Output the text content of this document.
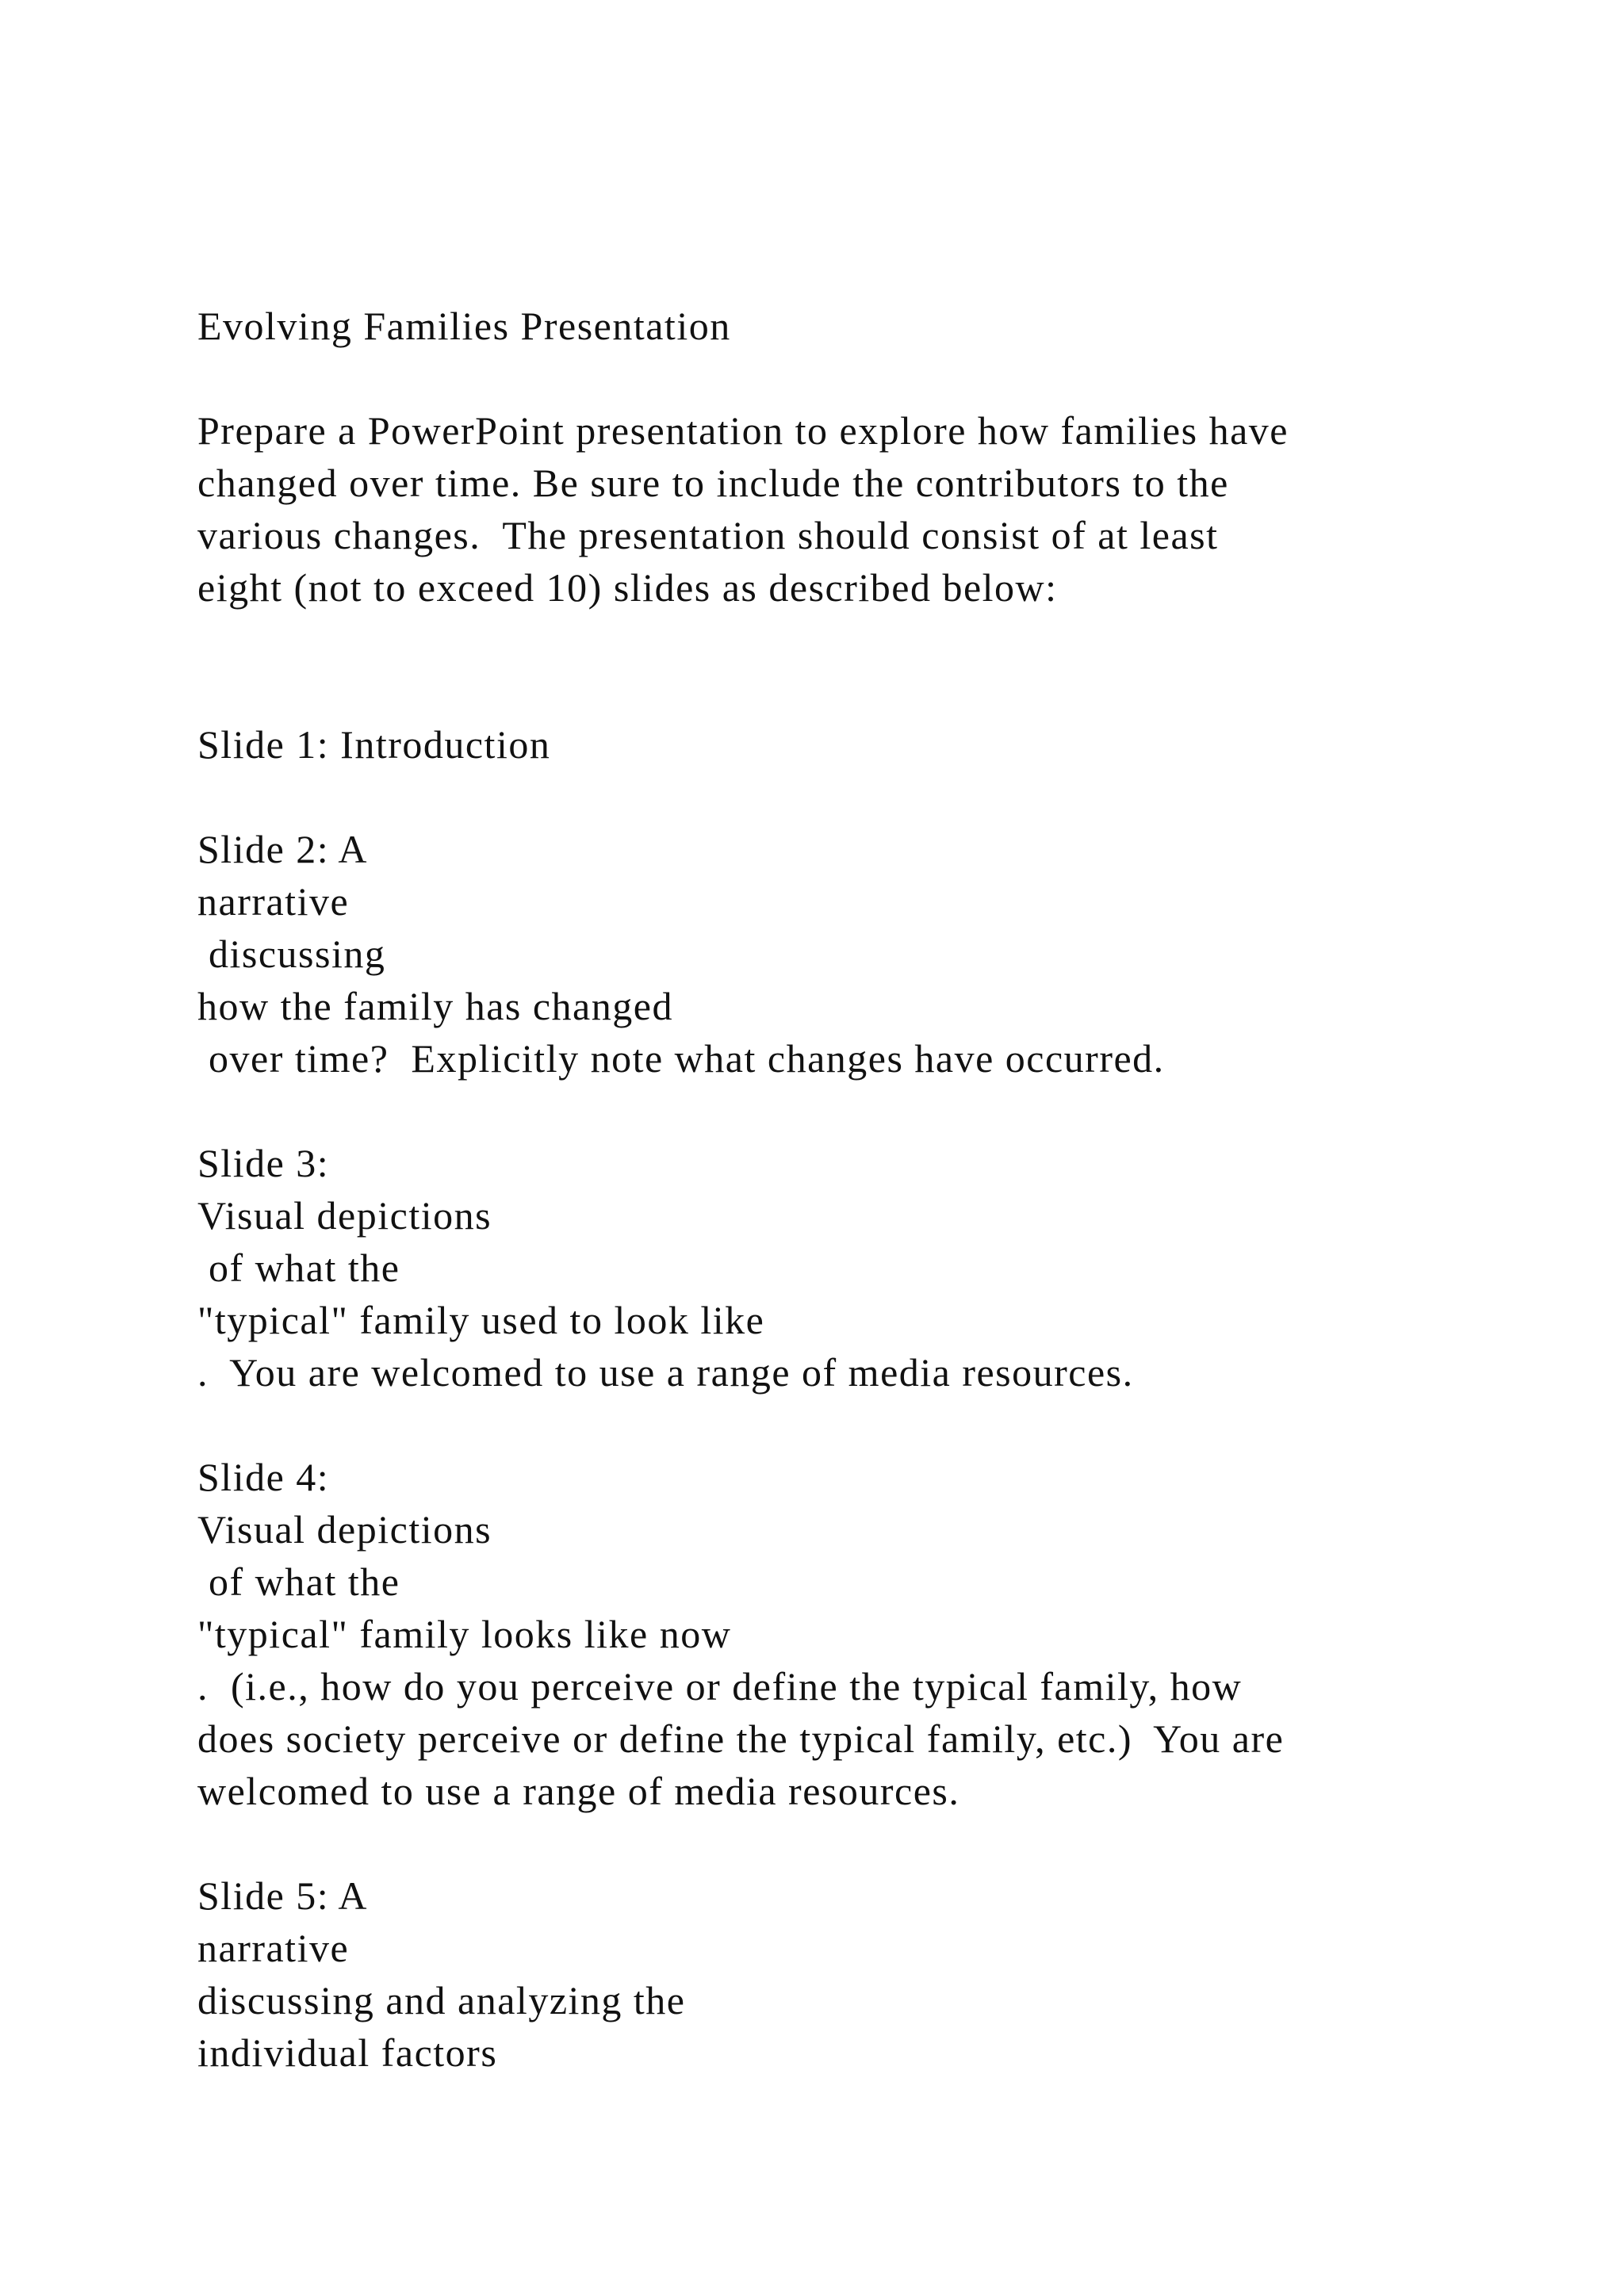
Evolving Families Presentation
Prepare a PowerPoint presentation to explore how families have
changed over time. Be sure to include the contributors to the
various changes.  The presentation should consist of at least
eight (not to exceed 10) slides as described below:
Slide 1: Introduction
Slide 2: A
narrative
discussing
how the family has changed
over time?  Explicitly note what changes have occurred.
Slide 3:
Visual depictions
of what the
"typical" family used to look like
.  You are welcomed to use a range of media resources.
Slide 4:
Visual depictions
of what the
"typical" family looks like now
.  (i.e., how do you perceive or define the typical family, how
does society perceive or define the typical family, etc.)  You are
welcomed to use a range of media resources.
Slide 5: A
narrative
discussing and analyzing the
individual factors
